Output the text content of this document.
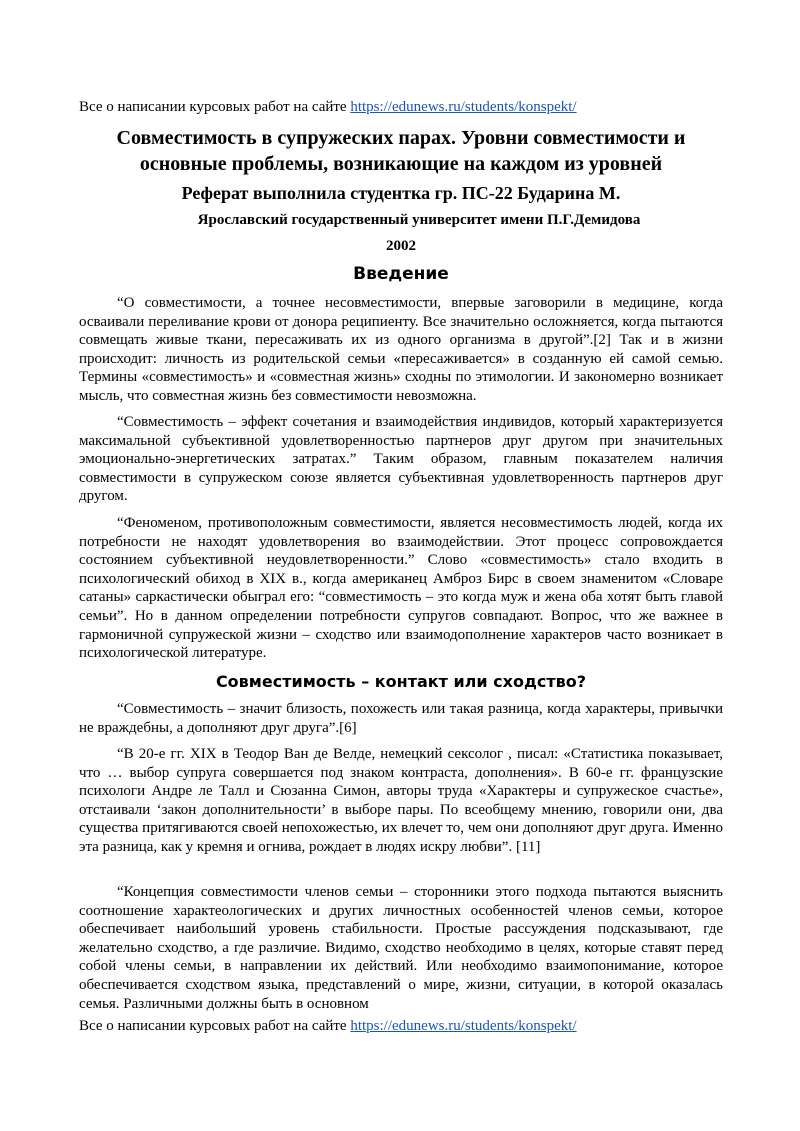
Все о написании курсовых работ на сайте https://edunews.ru/students/konspekt/
Совместимость в супружеских парах. Уровни совместимости и основные проблемы, возникающие на каждом из уровней
Реферат выполнила студентка гр. ПС-22 Бударина М.
Ярославский государственный университет имени П.Г.Демидова
2002
Введение

“О совместимости, а точнее несовместимости, впервые заговорили в медицине, когда осваивали переливание крови от донора реципиенту. Все значительно осложняется, когда пытаются совмещать живые ткани, пересаживать их из одного организма в другой”.[2] Так и в жизни происходит: личность из родительской семьи «пересаживается» в созданную ей самой семью. Термины «совместимость» и «совместная жизнь» сходны по этимологии. И закономерно возникает мысль, что совместная жизнь без совместимости невозможна.

“Совместимость – эффект сочетания и взаимодействия индивидов, который характеризуется максимальной субъективной удовлетворенностью партнеров друг другом при значительных эмоционально-энергетических затратах.” Таким образом, главным показателем наличия совместимости в супружеском союзе является субъективная удовлетворенность партнеров друг другом.

“Феноменом, противоположным совместимости, является несовместимость людей, когда их потребности не находят удовлетворения во взаимодействии. Этот процесс сопровождается состоянием субъективной неудовлетворенности.” Слово «совместимость» стало входить в психологический обиход в XIX в., когда американец Амброз Бирс в своем знаменитом «Словаре сатаны» саркастически обыграл его: “совместимость – это когда муж и жена оба хотят быть главой семьи”. Но в данном определении потребности супругов совпадают. Вопрос, что же важнее в гармоничной супружеской жизни – сходство или взаимодополнение характеров часто возникает в психологической литературе.

Совместимость – контакт или сходство?

“Совместимость – значит близость, похожесть или такая разница, когда характеры, привычки не враждебны, а дополняют друг друга”.[6]

“В 20-е гг. XIX в Теодор Ван де Велде, немецкий сексолог , писал: «Статистика показывает, что … выбор супруга совершается под знаком контраста, дополнения». В 60-е гг. французские психологи Андре ле Талл и Сюзанна Симон, авторы труда «Характеры и супружеское счастье», отстаивали ‘закон дополнительности’ в выборе пары. По всеобщему мнению, говорили они, два существа притягиваются своей непохожестью, их влечет то, чем они дополняют друг друга. Именно эта разница, как у кремня и огнива, рождает в людях искру любви”. [11]

“Концепция совместимости членов семьи – сторонники этого подхода пытаются выяснить соотношение характеологических и других личностных особенностей членов семьи, которое обеспечивает наибольший уровень стабильности. Простые рассуждения подсказывают, где желательно сходство, а где различие. Видимо, сходство необходимо в целях, которые ставят перед собой члены семьи, в направлении их действий. Или необходимо взаимопонимание, которое обеспечивается сходством языка, представлений о мире, жизни, ситуации, в которой оказалась семья. Различными должны быть в основном

Все о написании курсовых работ на сайте https://edunews.ru/students/konspekt/
